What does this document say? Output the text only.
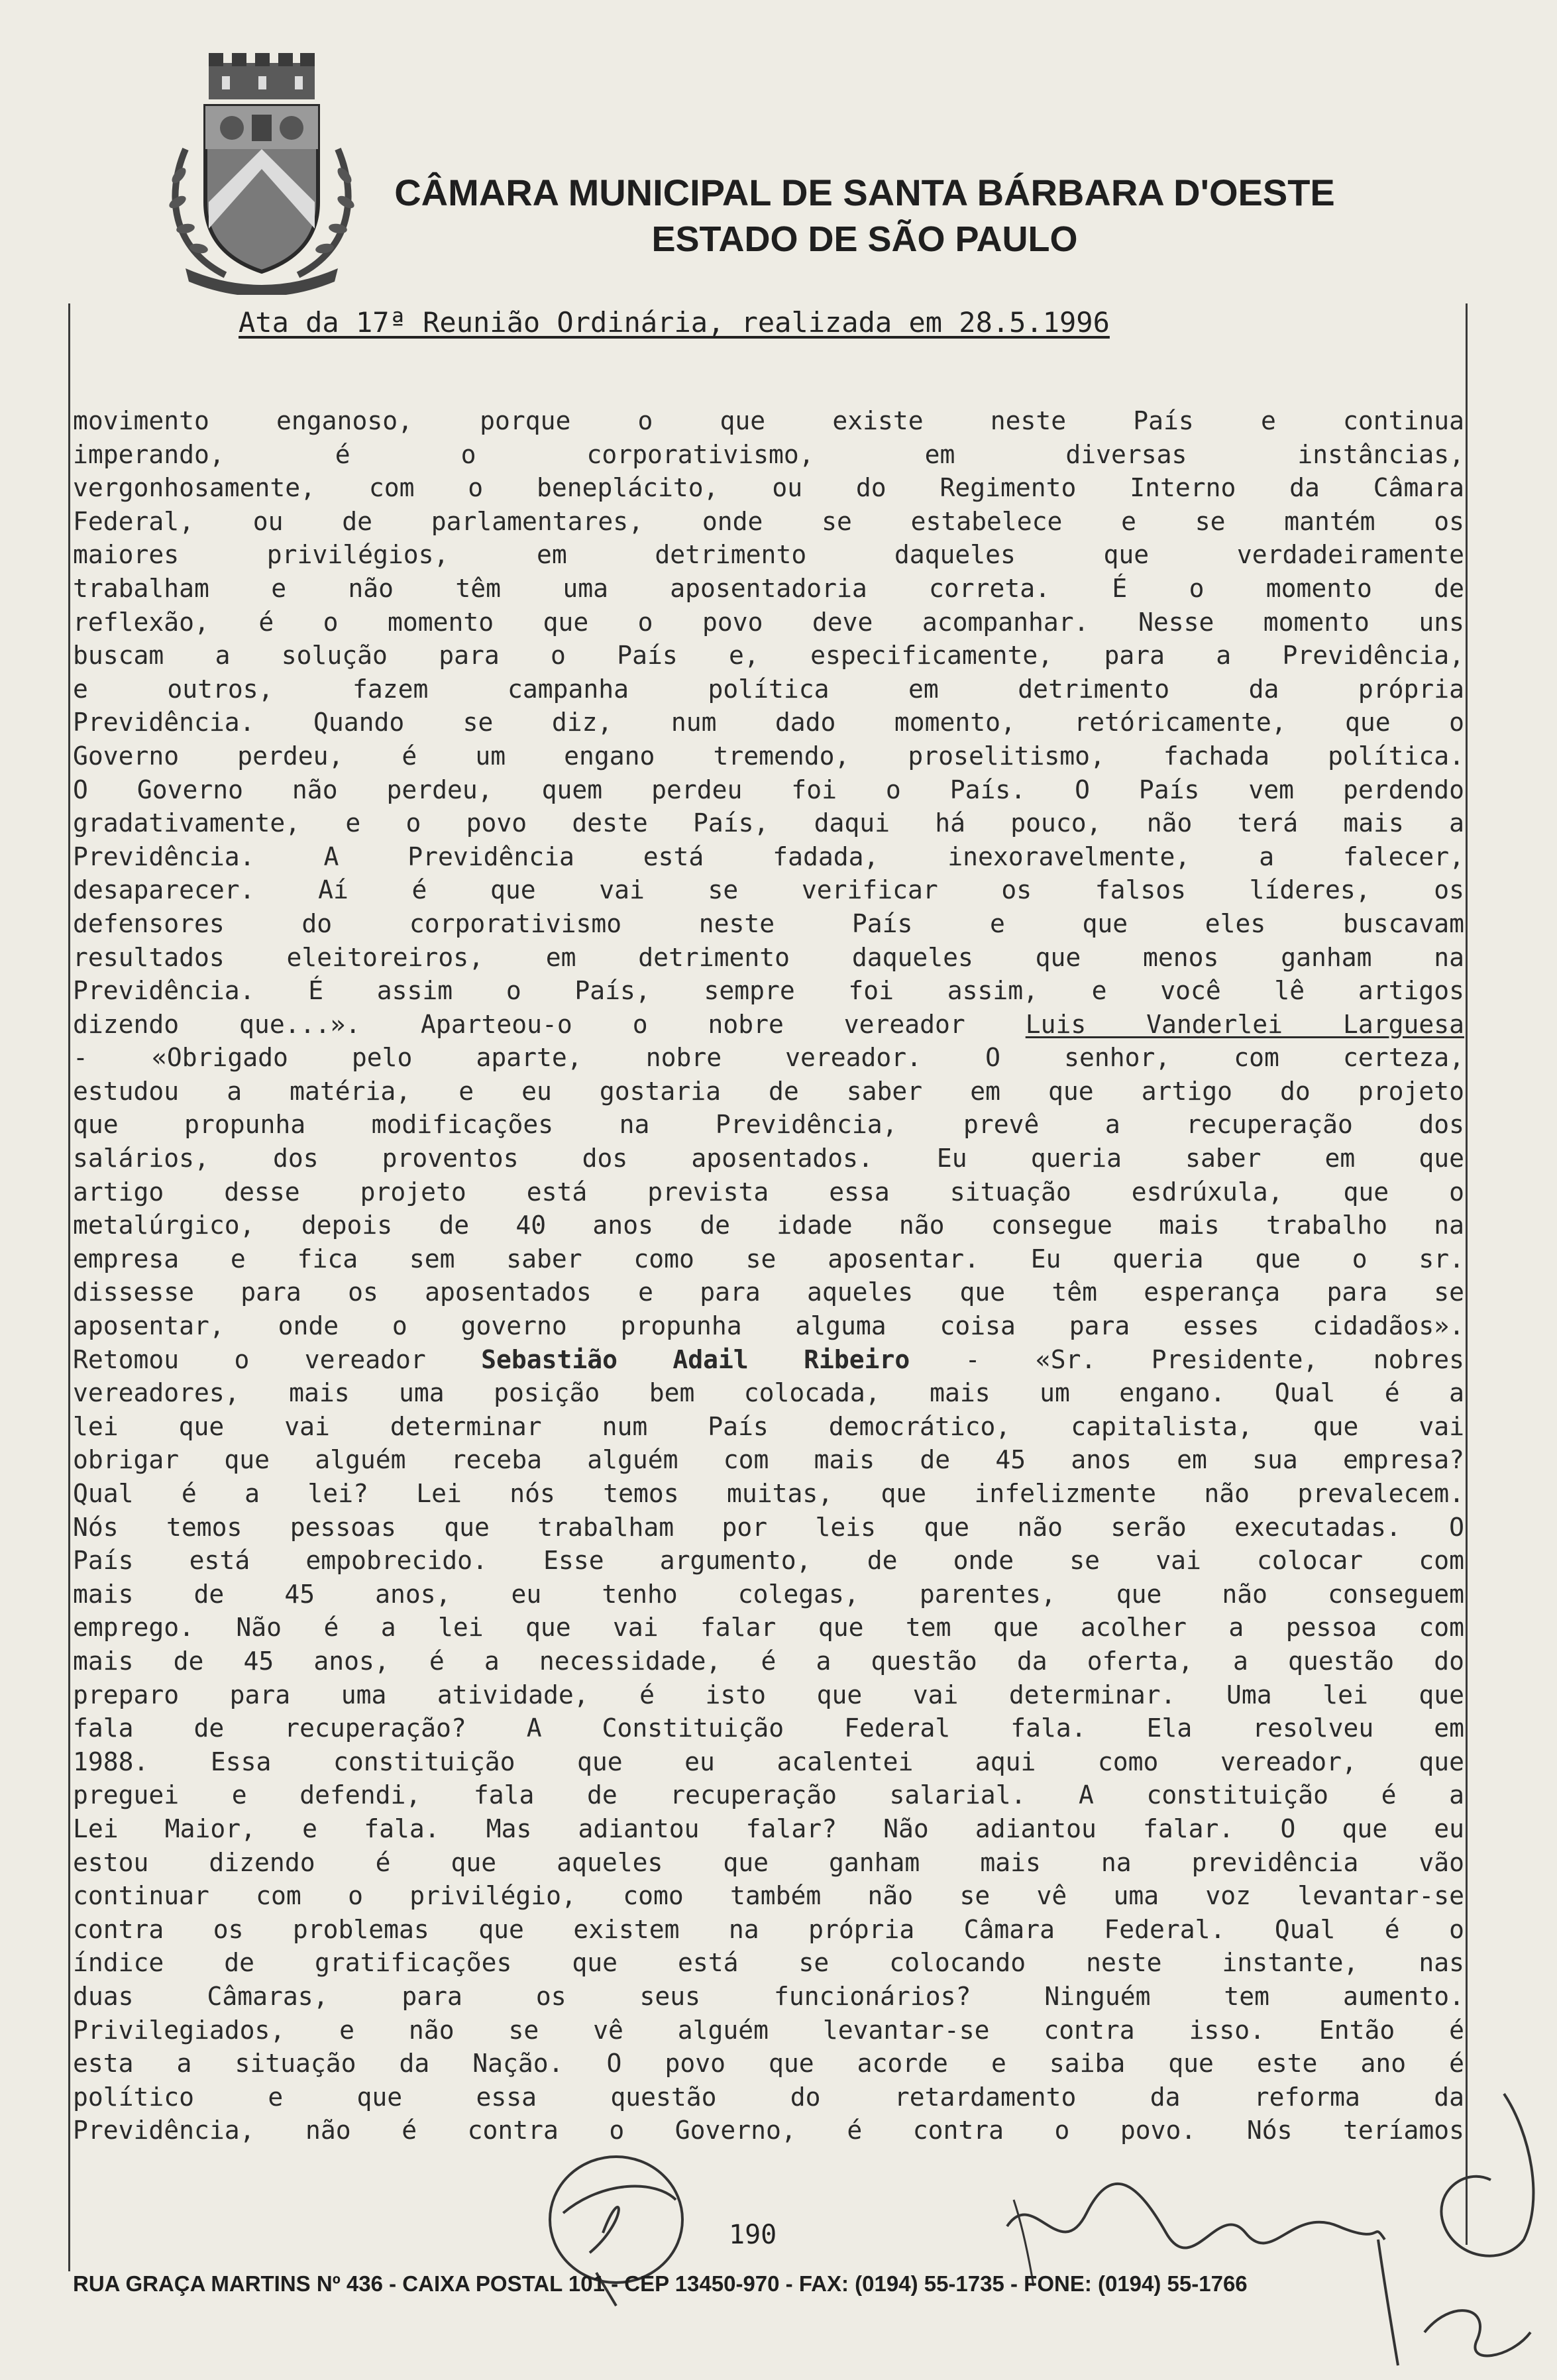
CÂMARA MUNICIPAL DE SANTA BÁRBARA D'OESTE
ESTADO DE SÃO PAULO
Ata da 17ª Reunião Ordinária, realizada em 28.5.1996
movimento enganoso, porque o que existe neste País e continua
imperando, é o corporativismo, em diversas instâncias,
vergonhosamente, com o beneplácito, ou do Regimento Interno da Câmara
Federal, ou de parlamentares, onde se estabelece e se mantém os
maiores privilégios, em detrimento daqueles que verdadeiramente
trabalham e não têm uma aposentadoria correta. É o momento de
reflexão, é o momento que o povo deve acompanhar. Nesse momento uns
buscam a solução para o País e, especificamente, para a Previdência,
e outros, fazem campanha política em detrimento da própria
Previdência. Quando se diz, num dado momento, retóricamente, que o
Governo perdeu, é um engano tremendo, proselitismo, fachada política.
O Governo não perdeu, quem perdeu foi o País. O País vem perdendo
gradativamente, e o povo deste País, daqui há pouco, não terá mais a
Previdência. A Previdência está fadada, inexoravelmente, a falecer,
desaparecer. Aí é que vai se verificar os falsos líderes, os
defensores do corporativismo neste País e que eles buscavam
resultados eleitoreiros, em detrimento daqueles que menos ganham na
Previdência. É assim o País, sempre foi assim, e você lê artigos
dizendo que...». Aparteou-o o nobre vereador Luis Vanderlei Larguesa
- «Obrigado pelo aparte, nobre vereador. O senhor, com certeza,
estudou a matéria, e eu gostaria de saber em que artigo do projeto
que propunha modificações na Previdência, prevê a recuperação dos
salários, dos proventos dos aposentados. Eu queria saber em que
artigo desse projeto está prevista essa situação esdrúxula, que o
metalúrgico, depois de 40 anos de idade não consegue mais trabalho na
empresa e fica sem saber como se aposentar. Eu queria que o sr.
dissesse para os aposentados e para aqueles que têm esperança para se
aposentar, onde o governo propunha alguma coisa para esses cidadãos».
Retomou o vereador Sebastião Adail Ribeiro - «Sr. Presidente, nobres
vereadores, mais uma posição bem colocada, mais um engano. Qual é a
lei que vai determinar num País democrático, capitalista, que vai
obrigar que alguém receba alguém com mais de 45 anos em sua empresa?
Qual é a lei? Lei nós temos muitas, que infelizmente não prevalecem.
Nós temos pessoas que trabalham por leis que não serão executadas. O
País está empobrecido. Esse argumento, de onde se vai colocar com
mais de 45 anos, eu tenho colegas, parentes, que não conseguem
emprego. Não é a lei que vai falar que tem que acolher a pessoa com
mais de 45 anos, é a necessidade, é a questão da oferta, a questão do
preparo para uma atividade, é isto que vai determinar. Uma lei que
fala de recuperação? A Constituição Federal fala. Ela resolveu em
1988. Essa constituição que eu acalentei aqui como vereador, que
preguei e defendi, fala de recuperação salarial. A constituição é a
Lei Maior, e fala. Mas adiantou falar? Não adiantou falar. O que eu
estou dizendo é que aqueles que ganham mais na previdência vão
continuar com o privilégio, como também não se vê uma voz levantar-se
contra os problemas que existem na própria Câmara Federal. Qual é o
índice de gratificações que está se colocando neste instante, nas
duas Câmaras, para os seus funcionários? Ninguém tem aumento.
Privilegiados, e não se vê alguém levantar-se contra isso. Então é
esta a situação da Nação. O povo que acorde e saiba que este ano é
político e que essa questão do retardamento da reforma da
Previdência, não é contra o Governo, é contra o povo. Nós teríamos
190
RUA GRAÇA MARTINS Nº 436 - CAIXA POSTAL 101 - CEP 13450-970 - FAX: (0194) 55-1735 - FONE: (0194) 55-1766
